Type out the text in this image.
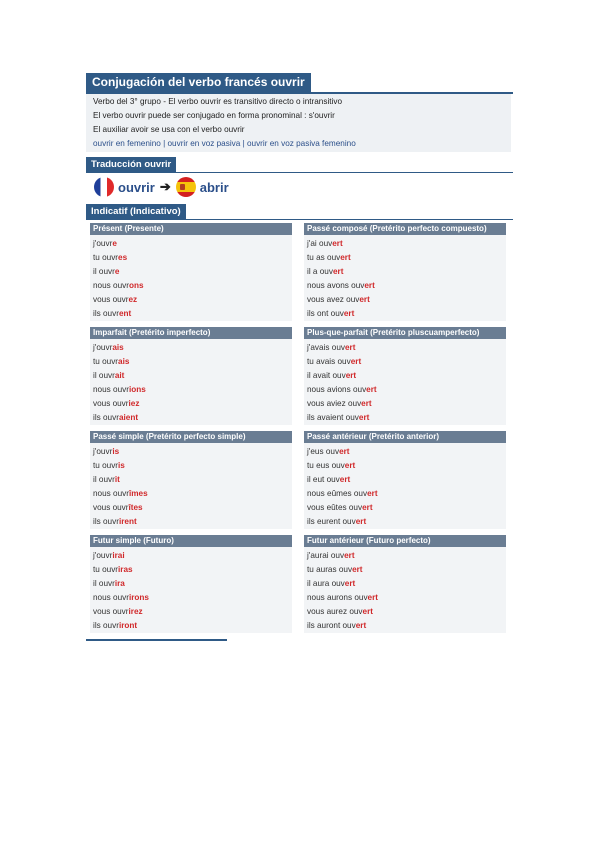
Conjugación del verbo francés ouvrir
Verbo del 3° grupo - El verbo ouvrir es transitivo directo o intransitivo
El verbo ouvrir puede ser conjugado en forma pronominal : s'ouvrir
El auxiliar avoir se usa con el verbo ouvrir
ouvrir en femenino | ouvrir en voz pasiva | ouvrir en voz pasiva femenino
Traducción ouvrir
ouvrir ➔ abrir
Indicatif (Indicativo)
Présent (Presente)
j'ouvre
tu ouvres
il ouvre
nous ouvrons
vous ouvrez
ils ouvrent
Passé composé (Pretérito perfecto compuesto)
j'ai ouvert
tu as ouvert
il a ouvert
nous avons ouvert
vous avez ouvert
ils ont ouvert
Imparfait (Pretérito imperfecto)
j'ouvrais
tu ouvrais
il ouvrait
nous ouvrions
vous ouvriez
ils ouvraient
Plus-que-parfait (Pretérito pluscuamperfecto)
j'avais ouvert
tu avais ouvert
il avait ouvert
nous avions ouvert
vous aviez ouvert
ils avaient ouvert
Passé simple (Pretérito perfecto simple)
j'ouvris
tu ouvris
il ouvrit
nous ouvrîmes
vous ouvrîtes
ils ouvrirent
Passé antérieur (Pretérito anterior)
j'eus ouvert
tu eus ouvert
il eut ouvert
nous eûmes ouvert
vous eûtes ouvert
ils eurent ouvert
Futur simple (Futuro)
j'ouvrirai
tu ouvriras
il ouvrira
nous ouvrirons
vous ouvrirez
ils ouvriront
Futur antérieur (Futuro perfecto)
j'aurai ouvert
tu auras ouvert
il aura ouvert
nous aurons ouvert
vous aurez ouvert
ils auront ouvert
